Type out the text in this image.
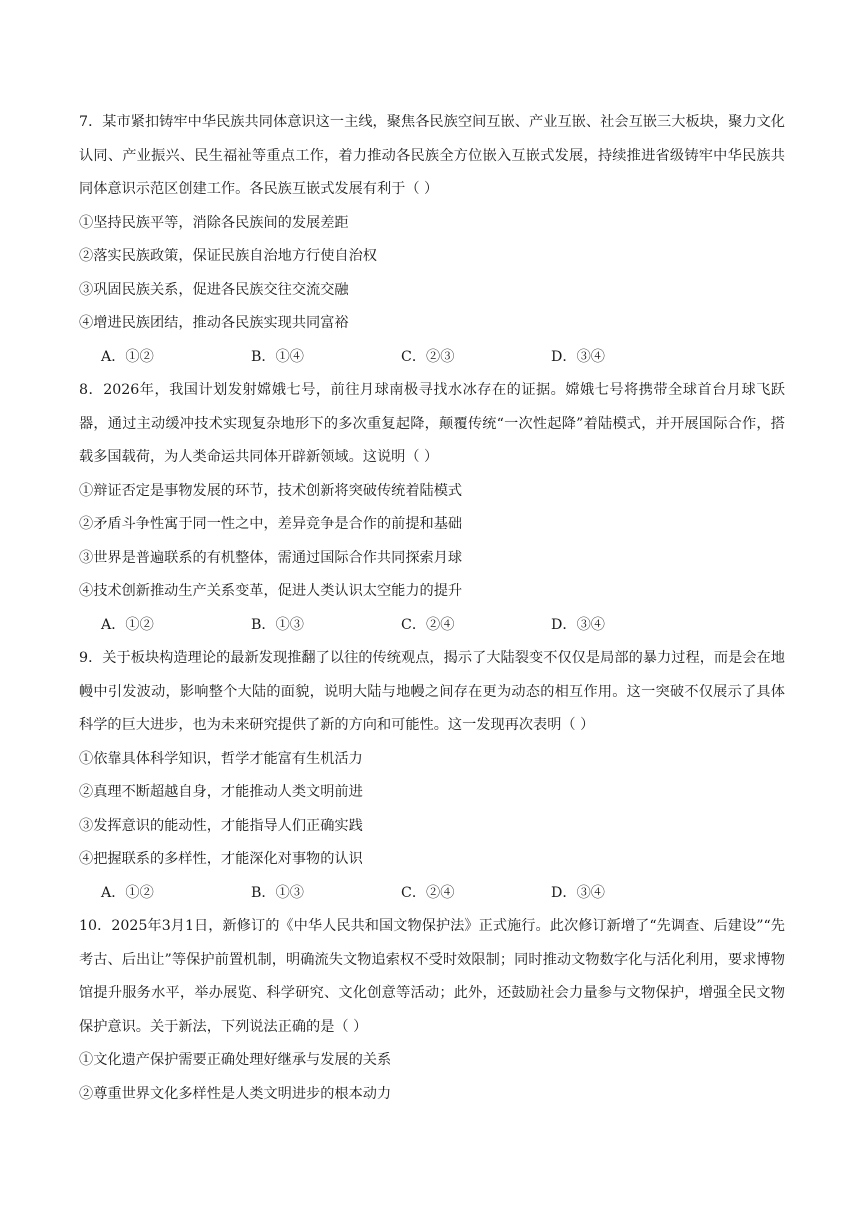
7．某市紧扣铸牢中华民族共同体意识这一主线，聚焦各民族空间互嵌、产业互嵌、社会互嵌三大板块，聚力文化认同、产业振兴、民生福祉等重点工作，着力推动各民族全方位嵌入互嵌式发展，持续推进省级铸牢中华民族共同体意识示范区创建工作。各民族互嵌式发展有利于（ ）

①坚持民族平等，消除各民族间的发展差距

②落实民族政策，保证民族自治地方行使自治权

③巩固民族关系，促进各民族交往交流交融

④增进民族团结，推动各民族实现共同富裕

A．①②	B．①④	C．②③	D．③④

8．2026年，我国计划发射嫦娥七号，前往月球南极寻找水冰存在的证据。嫦娥七号将携带全球首台月球飞跃器，通过主动缓冲技术实现复杂地形下的多次重复起降，颠覆传统“一次性起降”着陆模式，并开展国际合作，搭载多国载荷，为人类命运共同体开辟新领域。这说明（ ）

①辩证否定是事物发展的环节，技术创新将突破传统着陆模式

②矛盾斗争性寓于同一性之中，差异竞争是合作的前提和基础

③世界是普遍联系的有机整体，需通过国际合作共同探索月球

④技术创新推动生产关系变革，促进人类认识太空能力的提升

A．①②	B．①③	C．②④	D．③④

9．关于板块构造理论的最新发现推翻了以往的传统观点，揭示了大陆裂变不仅仅是局部的暴力过程，而是会在地幔中引发波动，影响整个大陆的面貌，说明大陆与地幔之间存在更为动态的相互作用。这一突破不仅展示了具体科学的巨大进步，也为未来研究提供了新的方向和可能性。这一发现再次表明（ ）

①依靠具体科学知识，哲学才能富有生机活力

②真理不断超越自身，才能推动人类文明前进

③发挥意识的能动性，才能指导人们正确实践

④把握联系的多样性，才能深化对事物的认识

A．①②	B．①③	C．②④	D．③④

10．2025年3月1日，新修订的《中华人民共和国文物保护法》正式施行。此次修订新增了“先调查、后建设”“先考古、后出让”等保护前置机制，明确流失文物追索权不受时效限制；同时推动文物数字化与活化利用，要求博物馆提升服务水平，举办展览、科学研究、文化创意等活动；此外，还鼓励社会力量参与文物保护，增强全民文物保护意识。关于新法，下列说法正确的是（ ）

①文化遗产保护需要正确处理好继承与发展的关系

②尊重世界文化多样性是人类文明进步的根本动力
